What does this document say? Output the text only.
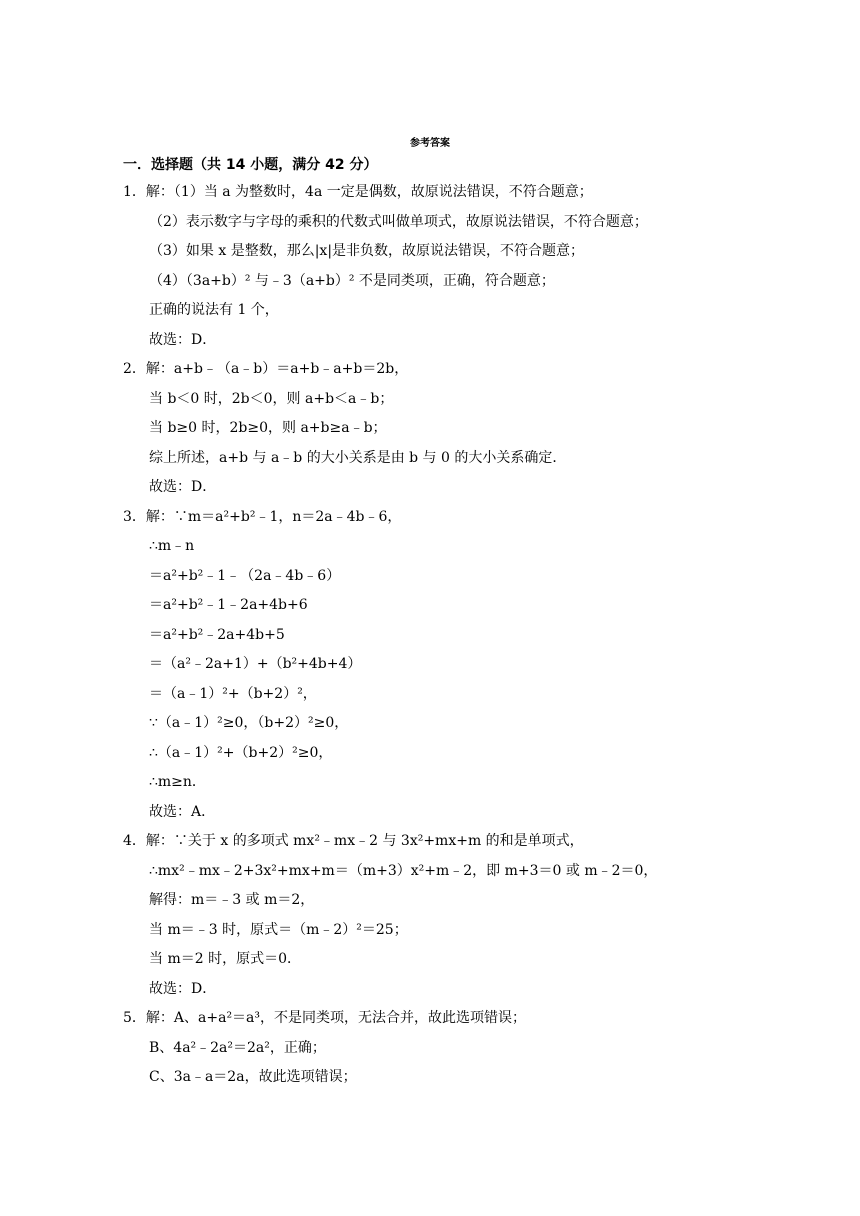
参考答案
一．选择题（共 14 小题，满分 42 分）
1．解：（1）当 a 为整数时，4a 一定是偶数，故原说法错误，不符合题意；
（2）表示数字与字母的乘积的代数式叫做单项式，故原说法错误，不符合题意；
（3）如果 x 是整数，那么|x|是非负数，故原说法错误，不符合题意；
（4）（3a+b）² 与﹣3（a+b）² 不是同类项，正确，符合题意；
正确的说法有 1 个，
故选：D．
2．解：a+b﹣（a﹣b）＝a+b﹣a+b＝2b，
当 b＜0 时，2b＜0，则 a+b＜a﹣b；
当 b≥0 时，2b≥0，则 a+b≥a﹣b；
综上所述，a+b 与 a﹣b 的大小关系是由 b 与 0 的大小关系确定．
故选：D．
3．解：∵m＝a²+b²﹣1，n＝2a﹣4b﹣6，
∴m﹣n
＝a²+b²﹣1﹣（2a﹣4b﹣6）
＝a²+b²﹣1﹣2a+4b+6
＝a²+b²﹣2a+4b+5
＝（a²﹣2a+1）+（b²+4b+4）
＝（a﹣1）²+（b+2）²，
∵（a﹣1）²≥0，（b+2）²≥0，
∴（a﹣1）²+（b+2）²≥0，
∴m≥n．
故选：A．
4．解：∵关于 x 的多项式 mx²﹣mx﹣2 与 3x²+mx+m 的和是单项式，
∴mx²﹣mx﹣2+3x²+mx+m＝（m+3）x²+m﹣2，即 m+3＝0 或 m﹣2＝0，
解得：m＝﹣3 或 m＝2，
当 m＝﹣3 时，原式＝（m﹣2）²＝25；
当 m＝2 时，原式＝0．
故选：D．
5．解：A、a+a²＝a³，不是同类项，无法合并，故此选项错误；
B、4a²﹣2a²＝2a²，正确；
C、3a﹣a＝2a，故此选项错误；
